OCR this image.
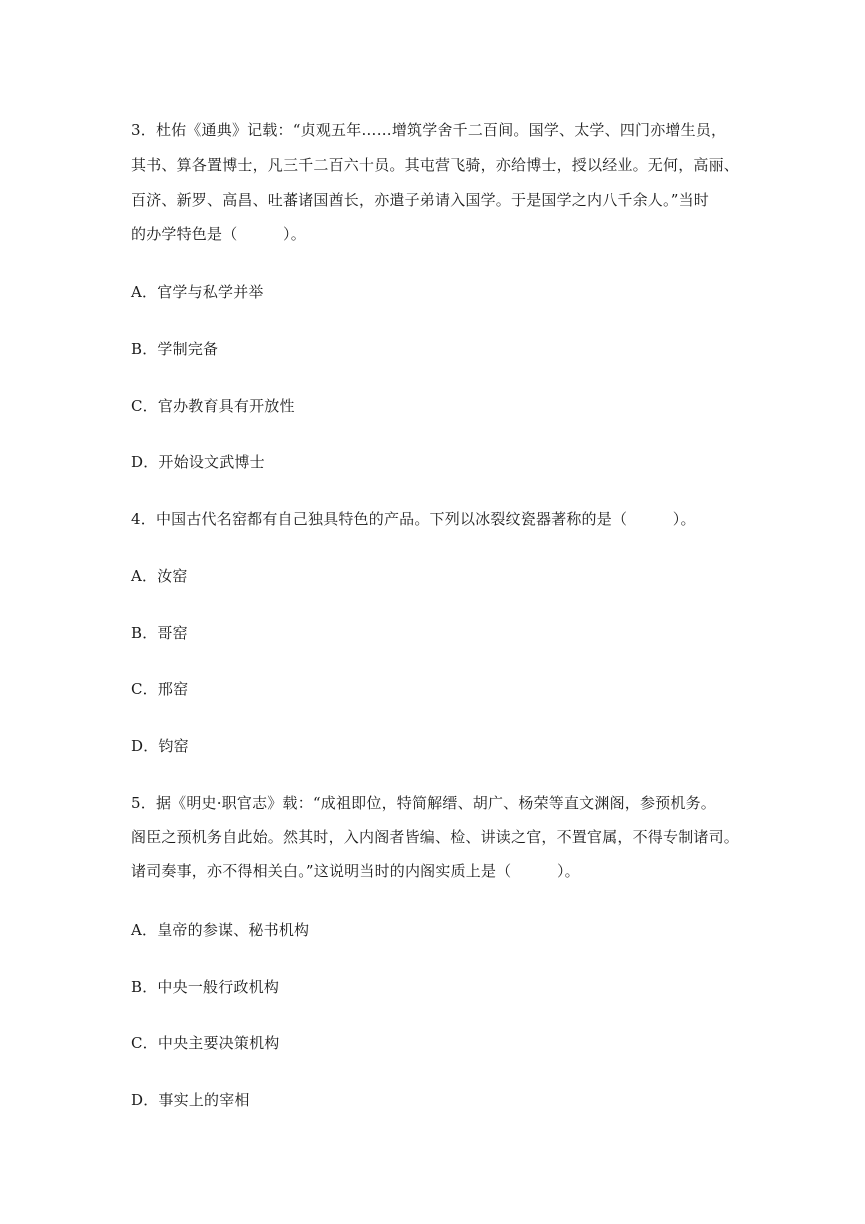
3．杜佑《通典》记载：“贞观五年……增筑学舍千二百间。国学、太学、四门亦增生员，
其书、算各置博士，凡三千二百六十员。其屯营飞骑，亦给博士，授以经业。无何，高丽、
百济、新罗、高昌、吐蕃诸国酋长，亦遣子弟请入国学。于是国学之内八千余人。”当时
的办学特色是（　　　）。
A．官学与私学并举
B．学制完备
C．官办教育具有开放性
D．开始设文武博士
4．中国古代名窑都有自己独具特色的产品。下列以冰裂纹瓷器著称的是（　　　）。
A．汝窑
B．哥窑
C．邢窑
D．钧窑
5．据《明史·职官志》载：“成祖即位，特简解缙、胡广、杨荣等直文渊阁，参预机务。
阁臣之预机务自此始。然其时，入内阁者皆编、检、讲读之官，不置官属，不得专制诸司。
诸司奏事，亦不得相关白。”这说明当时的内阁实质上是（　　　）。
A．皇帝的参谋、秘书机构
B．中央一般行政机构
C．中央主要决策机构
D．事实上的宰相
